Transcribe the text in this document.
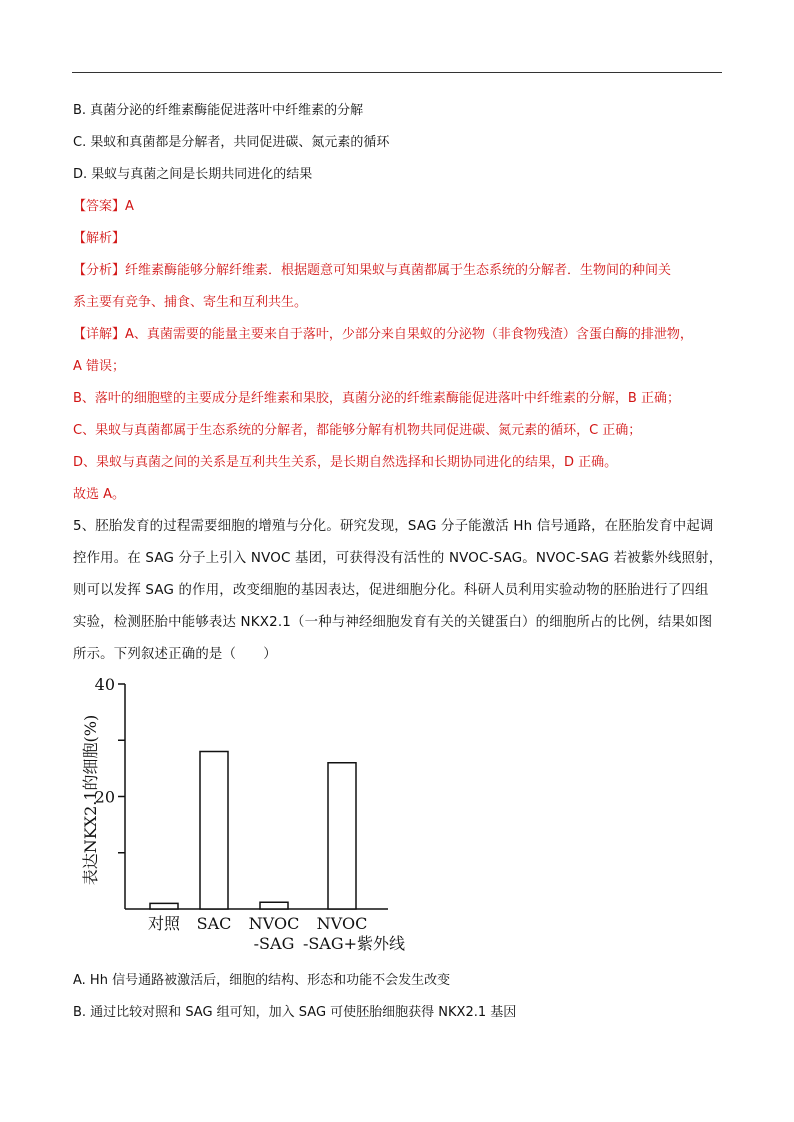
B. 真菌分泌的纤维素酶能促进落叶中纤维素的分解
C. 果蚁和真菌都是分解者，共同促进碳、氮元素的循环
D. 果蚁与真菌之间是长期共同进化的结果
【答案】A
【解析】
【分析】纤维素酶能够分解纤维素．根据题意可知果蚁与真菌都属于生态系统的分解者．生物间的种间关
系主要有竞争、捕食、寄生和互利共生。
【详解】A、真菌需要的能量主要来自于落叶，少部分来自果蚁的分泌物（非食物残渣）含蛋白酶的排泄物，
A 错误；
B、落叶的细胞壁的主要成分是纤维素和果胶，真菌分泌的纤维素酶能促进落叶中纤维素的分解，B 正确；
C、果蚁与真菌都属于生态系统的分解者，都能够分解有机物共同促进碳、氮元素的循环，C 正确；
D、果蚁与真菌之间的关系是互利共生关系，是长期自然选择和长期协同进化的结果，D 正确。
故选 A。
5、胚胎发育的过程需要细胞的增殖与分化。研究发现，SAG 分子能激活 Hh 信号通路，在胚胎发育中起调
控作用。在 SAG 分子上引入 NVOC 基团，可获得没有活性的 NVOC-SAG。NVOC-SAG 若被紫外线照射，
则可以发挥 SAG 的作用，改变细胞的基因表达，促进细胞分化。科研人员利用实验动物的胚胎进行了四组
实验，检测胚胎中能够表达 NKX2.1（一种与神经细胞发育有关的关键蛋白）的细胞所占的比例，结果如图
所示。下列叙述正确的是（　　）
表达NKX2.1的细胞(%)
40
20
对照 SAC NVOC
-SAG
NVOC
-SAG+紫外线
A. Hh 信号通路被激活后，细胞的结构、形态和功能不会发生改变
B. 通过比较对照和 SAG 组可知，加入 SAG 可使胚胎细胞获得 NKX2.1 基因
